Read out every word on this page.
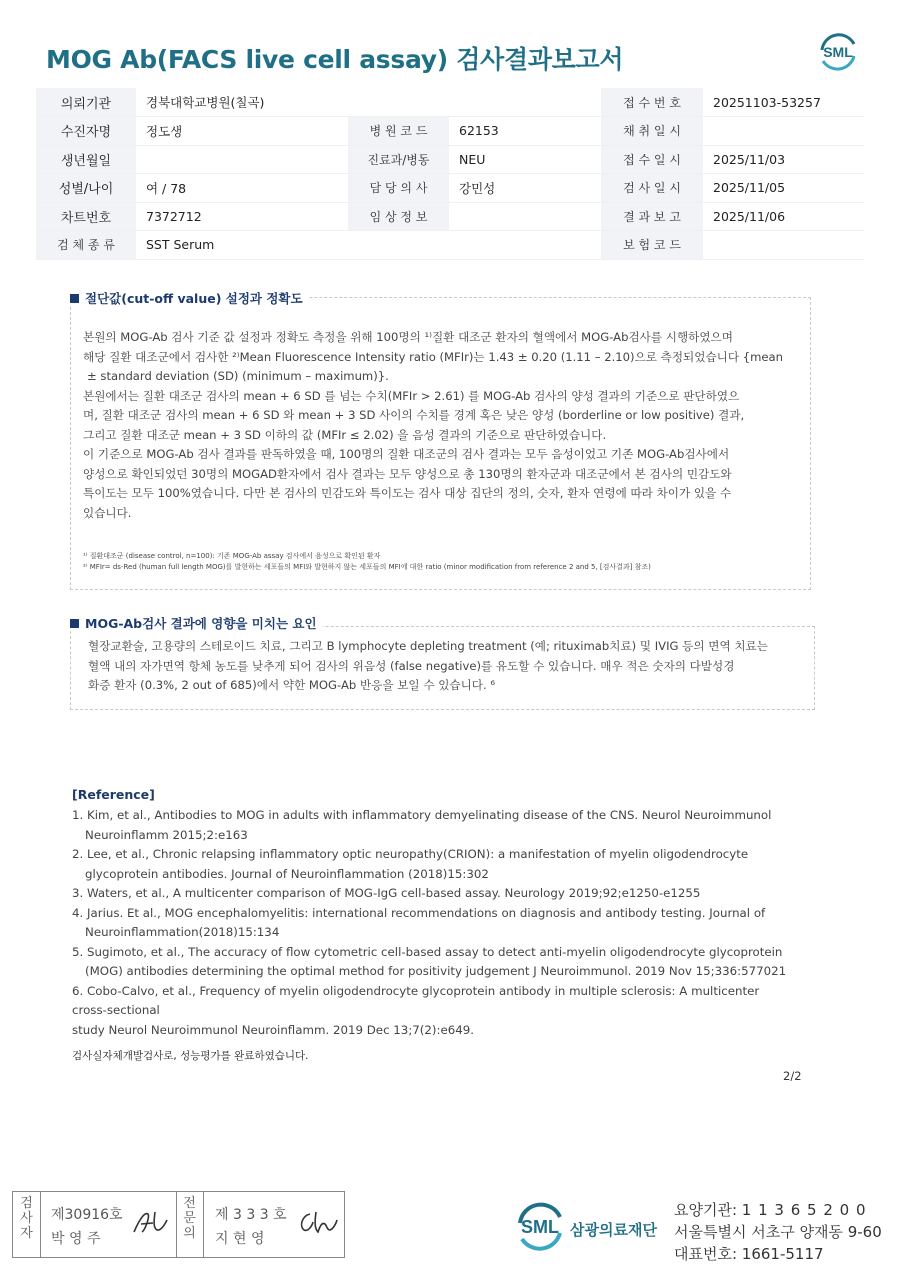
MOG Ab(FACS live cell assay) 검사결과보고서	SML
의뢰기관	경북대학교병원(칠곡)			접 수 번 호	20251103-53257
수진자명	정도생	병 원 코 드	62153	채 취 일 시	
생년월일		진료과/병동	NEU	접 수 일 시	2025/11/03
성별/나이	여 / 78	담 당 의 사	강민성	검 사 일 시	2025/11/05
차트번호	7372712	임 상 정 보		결 과 보 고	2025/11/06
검 체 종 류	SST Serum			보 험 코 드	
절단값(cut-off value) 설정과 정확도
본원의 MOG-Ab 검사 기준 값 설정과 정확도 측정을 위해 100명의 ¹⁾질환 대조군 환자의 혈액에서 MOG-Ab검사를 시행하였으며
해당 질환 대조군에서 검사한 ²⁾Mean Fluorescence Intensity ratio (MFIr)는 1.43 ± 0.20 (1.11 – 2.10)으로 측정되었습니다 {mean
± standard deviation (SD) (minimum – maximum)}.
본원에서는 질환 대조군 검사의 mean + 6 SD 를 넘는 수치(MFIr > 2.61) 를 MOG-Ab 검사의 양성 결과의 기준으로 판단하였으
며, 질환 대조군 검사의 mean + 6 SD 와 mean + 3 SD 사이의 수치를 경계 혹은 낮은 양성 (borderline or low positive) 결과,
그리고 질환 대조군 mean + 3 SD 이하의 값 (MFIr ≤ 2.02) 을 음성 결과의 기준으로 판단하였습니다.
이 기준으로 MOG-Ab 검사 결과를 판독하였을 때, 100명의 질환 대조군의 검사 결과는 모두 음성이었고 기존 MOG-Ab검사에서
양성으로 확인되었던 30명의 MOGAD환자에서 검사 결과는 모두 양성으로 총 130명의 환자군과 대조군에서 본 검사의 민감도와
특이도는 모두 100%였습니다. 다만 본 검사의 민감도와 특이도는 검사 대상 집단의 정의, 숫자, 환자 연령에 따라 차이가 있을 수
있습니다.
¹⁾ 질환대조군 (disease control, n=100): 기존 MOG-Ab assay 검사에서 음성으로 확인된 환자
²⁾ MFIr= ds-Red (human full length MOG)를 발현하는 세포들의 MFI와 발현하지 않는 세포들의 MFI에 대한 ratio (minor modification from reference 2 and 5, [검사결과] 참조)
MOG-Ab검사 결과에 영향을 미치는 요인
혈장교환술, 고용량의 스테로이드 치료, 그리고 B lymphocyte depleting treatment (예; rituximab치료) 및 IVIG 등의 면역 치료는
혈액 내의 자가면역 항체 농도를 낮추게 되어 검사의 위음성 (false negative)를 유도할 수 있습니다. 매우 적은 숫자의 다발성경
화증 환자 (0.3%, 2 out of 685)에서 약한 MOG-Ab 반응을 보일 수 있습니다. ⁶
[Reference]
1. Kim, et al., Antibodies to MOG in adults with inflammatory demyelinating disease of the CNS. Neurol Neuroimmunol Neuroinflamm 2015;2:e163
2. Lee, et al., Chronic relapsing inflammatory optic neuropathy(CRION): a manifestation of myelin oligodendrocyte glycoprotein antibodies. Journal of Neuroinflammation (2018)15:302
3. Waters, et al., A multicenter comparison of MOG-IgG cell-based assay. Neurology 2019;92;e1250-e1255
4. Jarius. Et al., MOG encephalomyelitis: international recommendations on diagnosis and antibody testing. Journal of Neuroinflammation(2018)15:134
5. Sugimoto, et al., The accuracy of flow cytometric cell-based assay to detect anti-myelin oligodendrocyte glycoprotein (MOG) antibodies determining the optimal method for positivity judgement J Neuroimmunol. 2019 Nov 15;336:577021
6. Cobo-Calvo, et al., Frequency of myelin oligodendrocyte glycoprotein antibody in multiple sclerosis: A multicenter
cross-sectional
study Neurol Neuroimmunol Neuroinflamm. 2019 Dec 13;7(2):e649.
검사실자체개발검사로, 성능평가를 완료하였습니다.
2/2
검
사
자
제30916호
박 영 주
전
문
의
제 3 3 3 호
지 현 영
SML 삼광의료재단
요양기관: 1 1 3 6 5 2 0 0
서울특별시 서초구 양재동 9-60
대표번호: 1661-5117
